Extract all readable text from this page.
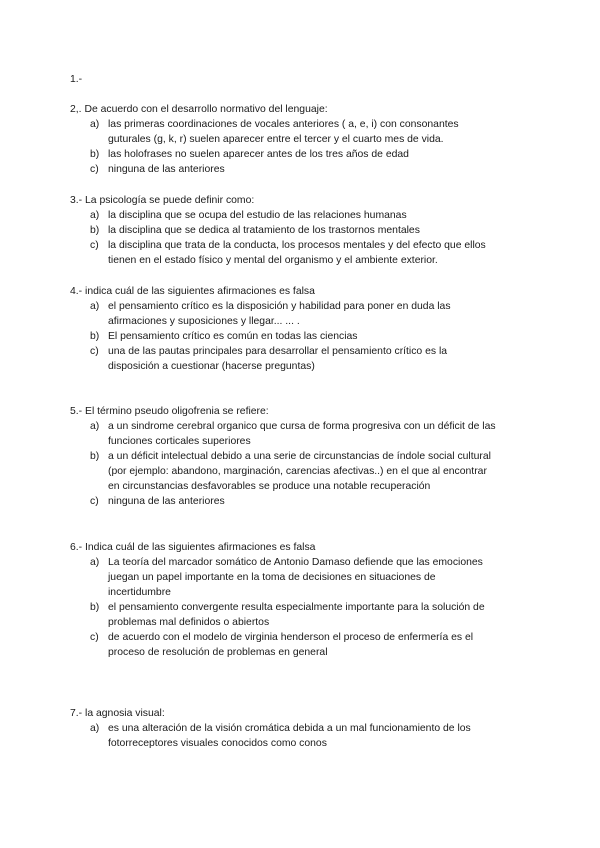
1.-
2,. De acuerdo con el desarrollo normativo del lenguaje:
a) las primeras coordinaciones de vocales anteriores ( a, e, i) con consonantes
guturales (g, k, r) suelen aparecer entre el tercer y el cuarto mes de vida.
b) las holofrases no suelen aparecer antes de los tres años de edad
c) ninguna de las anteriores
3.- La psicología se puede definir como:
a) la disciplina que se ocupa del estudio de las relaciones humanas
b) la disciplina que se dedica al tratamiento de los trastornos mentales
c) la disciplina que trata de la conducta, los procesos mentales y del efecto que ellos
tienen en el estado físico y mental del organismo y el ambiente exterior.
4.- indica cuál de las siguientes afirmaciones es falsa
a) el pensamiento crítico es la disposición y habilidad para poner en duda las
afirmaciones y suposiciones y llegar... ... .
b) El pensamiento crítico es común en todas las ciencias
c) una de las pautas principales para desarrollar el pensamiento crítico es la
disposición a cuestionar (hacerse preguntas)
5.- El término pseudo oligofrenia se refiere:
a) a un sindrome cerebral organico que cursa de forma progresiva con un déficit de las
funciones corticales superiores
b) a un déficit intelectual debido a una serie de circunstancias de índole social cultural
(por ejemplo: abandono, marginación, carencias afectivas..) en el que al encontrar
en circunstancias desfavorables se produce una notable recuperación
c) ninguna de las anteriores
6.- Indica cuál de las siguientes afirmaciones es falsa
a) La teoría del marcador somático de Antonio Damaso defiende que las emociones
juegan un papel importante en la toma de decisiones en situaciones de
incertidumbre
b) el pensamiento convergente resulta especialmente importante para la solución de
problemas mal definidos o abiertos
c) de acuerdo con el modelo de virginia henderson el proceso de enfermería es el
proceso de resolución de problemas en general
7.- la agnosia visual:
a) es una alteración de la visión cromática debida a un mal funcionamiento de los
fotorreceptores visuales conocidos como conos
